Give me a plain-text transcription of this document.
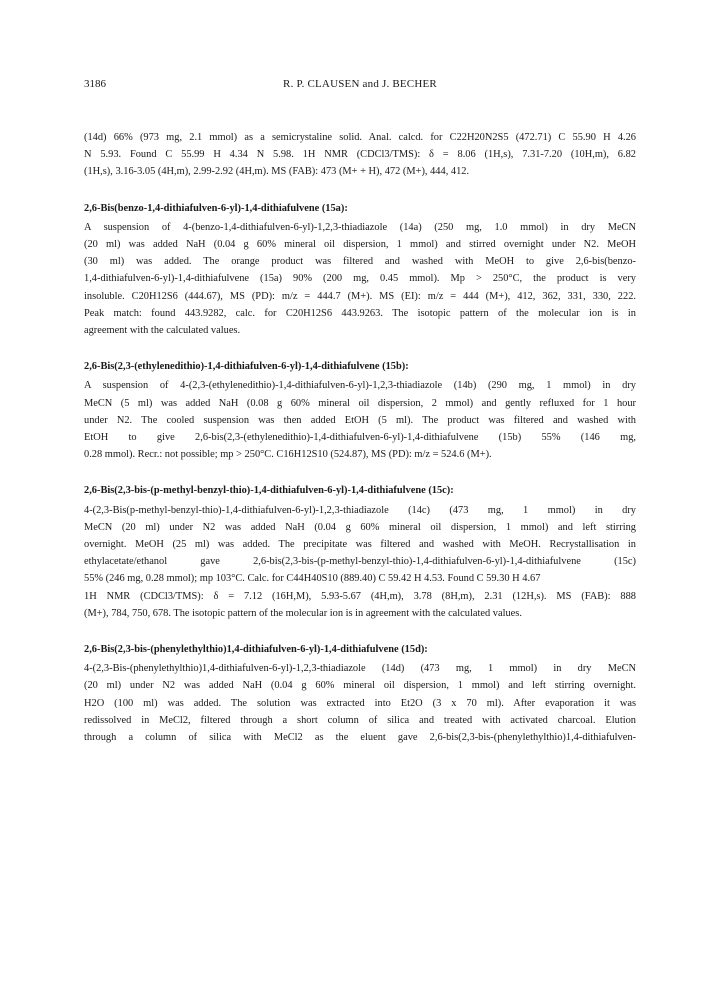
3186	R. P. CLAUSEN and J. BECHER

(14d) 66% (973 mg, 2.1 mmol) as a semicrystaline solid. Anal. calcd. for C22H20N2S5 (472.71) C 55.90 H 4.26
N 5.93. Found C 55.99 H 4.34 N 5.98. 1H NMR (CDCl3/TMS): δ = 8.06 (1H,s), 7.31-7.20 (10H,m), 6.82
(1H,s), 3.16-3.05 (4H,m), 2.99-2.92 (4H,m). MS (FAB): 473 (M+ + H), 472 (M+), 444, 412.

2,6-Bis(benzo-1,4-dithiafulven-6-yl)-1,4-dithiafulvene (15a):
A suspension of 4-(benzo-1,4-dithiafulven-6-yl)-1,2,3-thiadiazole (14a) (250 mg, 1.0 mmol) in dry MeCN
(20 ml) was added NaH (0.04 g 60% mineral oil dispersion, 1 mmol) and stirred overnight under N2. MeOH
(30 ml) was added. The orange product was filtered and washed with MeOH to give 2,6-bis(benzo-
1,4-dithiafulven-6-yl)-1,4-dithiafulvene (15a) 90% (200 mg, 0.45 mmol). Mp > 250°C, the product is very
insoluble. C20H12S6 (444.67), MS (PD): m/z = 444.7 (M+). MS (EI): m/z = 444 (M+), 412, 362, 331, 330, 222.
Peak match: found 443.9282, calc. for C20H12S6 443.9263. The isotopic pattern of the molecular ion is in
agreement with the calculated values.
2,6-Bis(2,3-(ethylenedithio)-1,4-dithiafulven-6-yl)-1,4-dithiafulvene (15b):
A suspension of 4-(2,3-(ethylenedithio)-1,4-dithiafulven-6-yl)-1,2,3-thiadiazole (14b) (290 mg, 1 mmol) in dry
MeCN (5 ml) was added NaH (0.08 g 60% mineral oil dispersion, 2 mmol) and gently refluxed for 1 hour
under N2. The cooled suspension was then added EtOH (5 ml). The product was filtered and washed with
EtOH to give 2,6-bis(2,3-(ethylenedithio)-1,4-dithiafulven-6-yl)-1,4-dithiafulvene (15b) 55% (146 mg,
0.28 mmol). Recr.: not possible; mp > 250°C. C16H12S10 (524.87), MS (PD): m/z = 524.6 (M+).
2,6-Bis(2,3-bis-(p-methyl-benzyl-thio)-1,4-dithiafulven-6-yl)-1,4-dithiafulvene (15c):
4-(2,3-Bis(p-methyl-benzyl-thio)-1,4-dithiafulven-6-yl)-1,2,3-thiadiazole (14c) (473 mg, 1 mmol) in dry
MeCN (20 ml) under N2 was added NaH (0.04 g 60% mineral oil dispersion, 1 mmol) and left stirring
overnight. MeOH (25 ml) was added. The precipitate was filtered and washed with MeOH. Recrystallisation in
ethylacetate/ethanol gave 2,6-bis(2,3-bis-(p-methyl-benzyl-thio)-1,4-dithiafulven-6-yl)-1,4-dithiafulvene (15c)
55% (246 mg, 0.28 mmol); mp 103°C. Calc. for C44H40S10 (889.40) C 59.42 H 4.53. Found C 59.30 H 4.67
1H NMR (CDCl3/TMS): δ = 7.12 (16H,M), 5.93-5.67 (4H,m), 3.78 (8H,m), 2.31 (12H,s). MS (FAB): 888
(M+), 784, 750, 678. The isotopic pattern of the molecular ion is in agreement with the calculated values.
2,6-Bis(2,3-bis-(phenylethylthio)1,4-dithiafulven-6-yl)-1,4-dithiafulvene (15d):
4-(2,3-Bis-(phenylethylthio)1,4-dithiafulven-6-yl)-1,2,3-thiadiazole (14d) (473 mg, 1 mmol) in dry MeCN
(20 ml) under N2 was added NaH (0.04 g 60% mineral oil dispersion, 1 mmol) and left stirring overnight.
H2O (100 ml) was added. The solution was extracted into Et2O (3 x 70 ml). After evaporation it was
redissolved in MeCl2, filtered through a short column of silica and treated with activated charcoal. Elution
through a column of silica with MeCl2 as the eluent gave 2,6-bis(2,3-bis-(phenylethylthio)1,4-dithiafulven-
